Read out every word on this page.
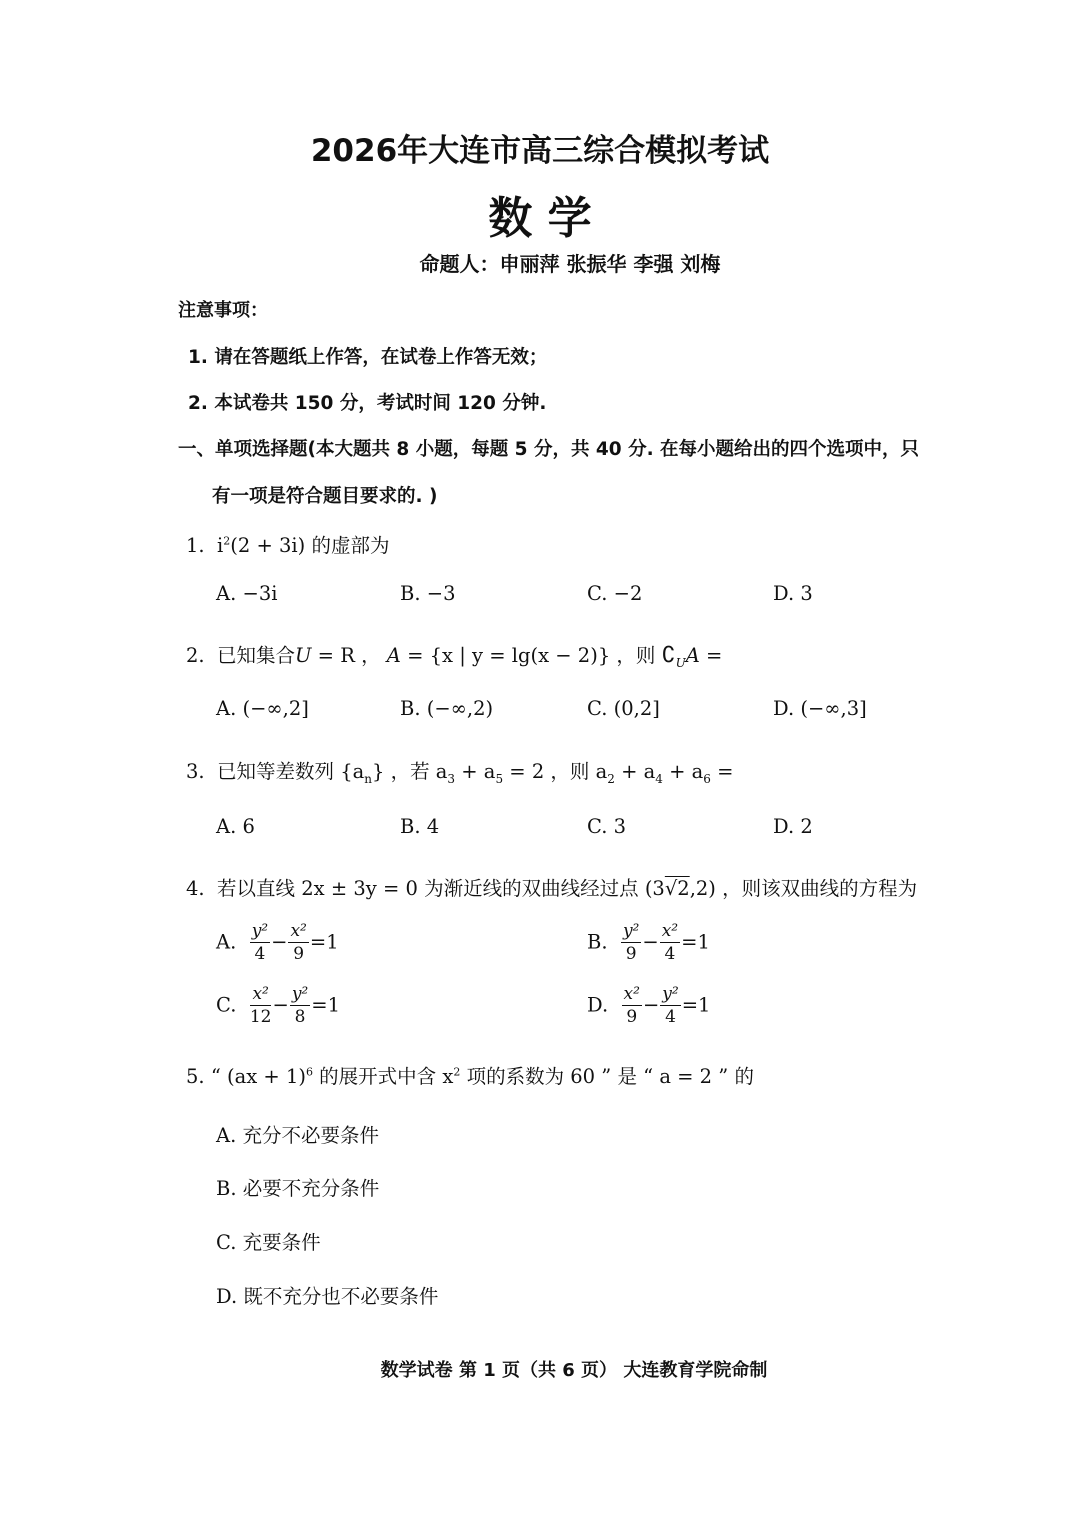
2026年大连市高三综合模拟考试
数 学
命题人：申丽萍 张振华 李强 刘梅
注意事项：
1. 请在答题纸上作答，在试卷上作答无效；
2. 本试卷共 150 分，考试时间 120 分钟.
一、单项选择题(本大题共 8 小题，每题 5 分，共 40 分. 在每小题给出的四个选项中，只
有一项是符合题目要求的. )
1. $i^2(2 + 3i)$ 的虚部为
A. −3i	B. −3	C. −2	D. 3
2. 已知集合U = R ， A = {x | y = lg(x − 2)} ，则 $∁_UA$ =
A. (−∞,2]	B. (−∞,2)	C. (0,2]	D. (−∞,3]
3. 已知等差数列 $\{a_n\}$ ，若 $a_3 + a_5 = 2$ ，则 $a_2 + a_4 + a_6$ =
A. 6	B. 4	C. 3	D. 2
4. 若以直线 2x ± 3y = 0 为渐近线的双曲线经过点 (3√2,2) ，则该双曲线的方程为
A. $\frac{\text{y²}}{4} - \frac{\text{x²}}{9} =1$	B. $\frac{\text{y²}}{9} - \frac{\text{x²}}{4} =1$
C. $\frac{\text{x²}}{12} - \frac{\text{y²}}{8} =1$	D. $\frac{\text{x²}}{9} - \frac{\text{y²}}{4} =1$
5. “ (ax + 1)$^6$ 的展开式中含 $x^2$ 项的系数为 60 ” 是 “ a = 2 ” 的
A. 充分不必要条件
B. 必要不充分条件
C. 充要条件
D. 既不充分也不必要条件
数学试卷 第 1 页（共 6 页） 大连教育学院命制
